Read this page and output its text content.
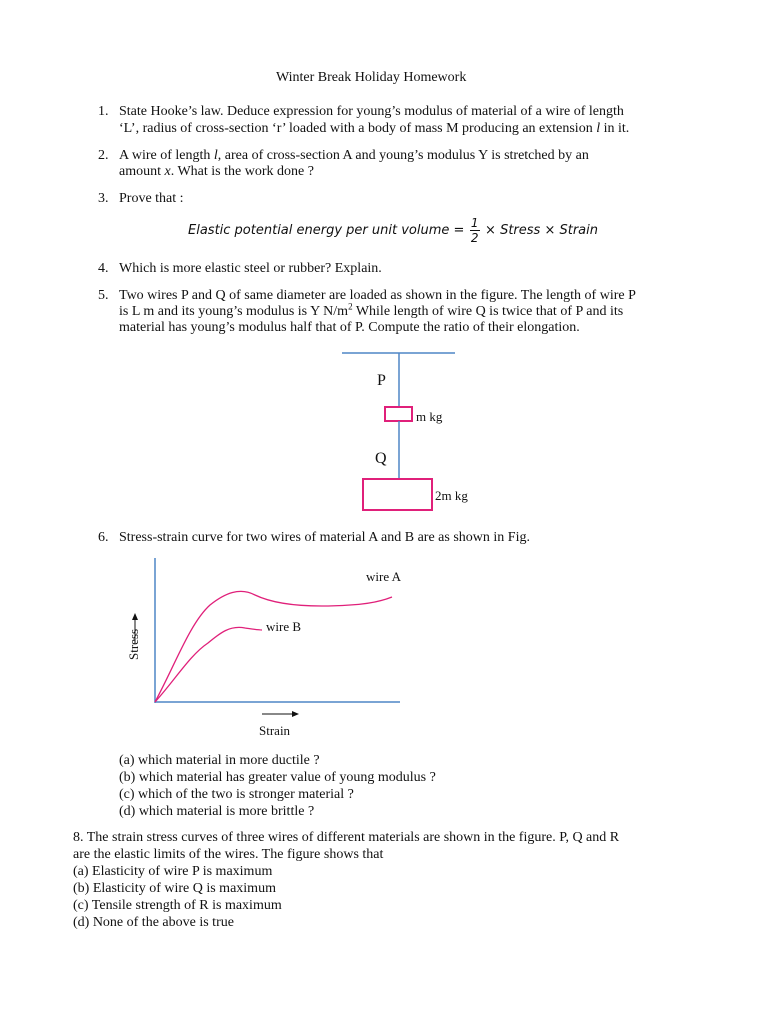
Winter Break Holiday Homework
1. State Hooke’s law. Deduce expression for young’s modulus of material of a wire of length
‘L’, radius of cross-section ‘r’ loaded with a body of mass M producing an extension l in it.
2. A wire of length l, area of cross-section A and young’s modulus Y is stretched by an
amount x. What is the work done ?
3. Prove that :
Elastic potential energy per unit volume = $\frac{1}{2}$ × Stress × Strain
4. Which is more elastic steel or rubber? Explain.
5. Two wires P and Q of same diameter are loaded as shown in the figure. The length of wire P
is L m and its young’s modulus is Y $N/m^2$ While length of wire Q is twice that of P and its
material has young’s modulus half that of P. Compute the ratio of their elongation.
P
Q
m kg
2m kg
6. Stress-strain curve for two wires of material A and B are as shown in Fig.
wire A
wire B
Stress
Strain
(a) which material in more ductile ?
(b) which material has greater value of young modulus ?
(c) which of the two is stronger material ?
(d) which material is more brittle ?
8. The strain stress curves of three wires of different materials are shown in the figure. P, Q and R
are the elastic limits of the wires. The figure shows that
(a) Elasticity of wire P is maximum
(b) Elasticity of wire Q is maximum
(c) Tensile strength of R is maximum
(d) None of the above is true
